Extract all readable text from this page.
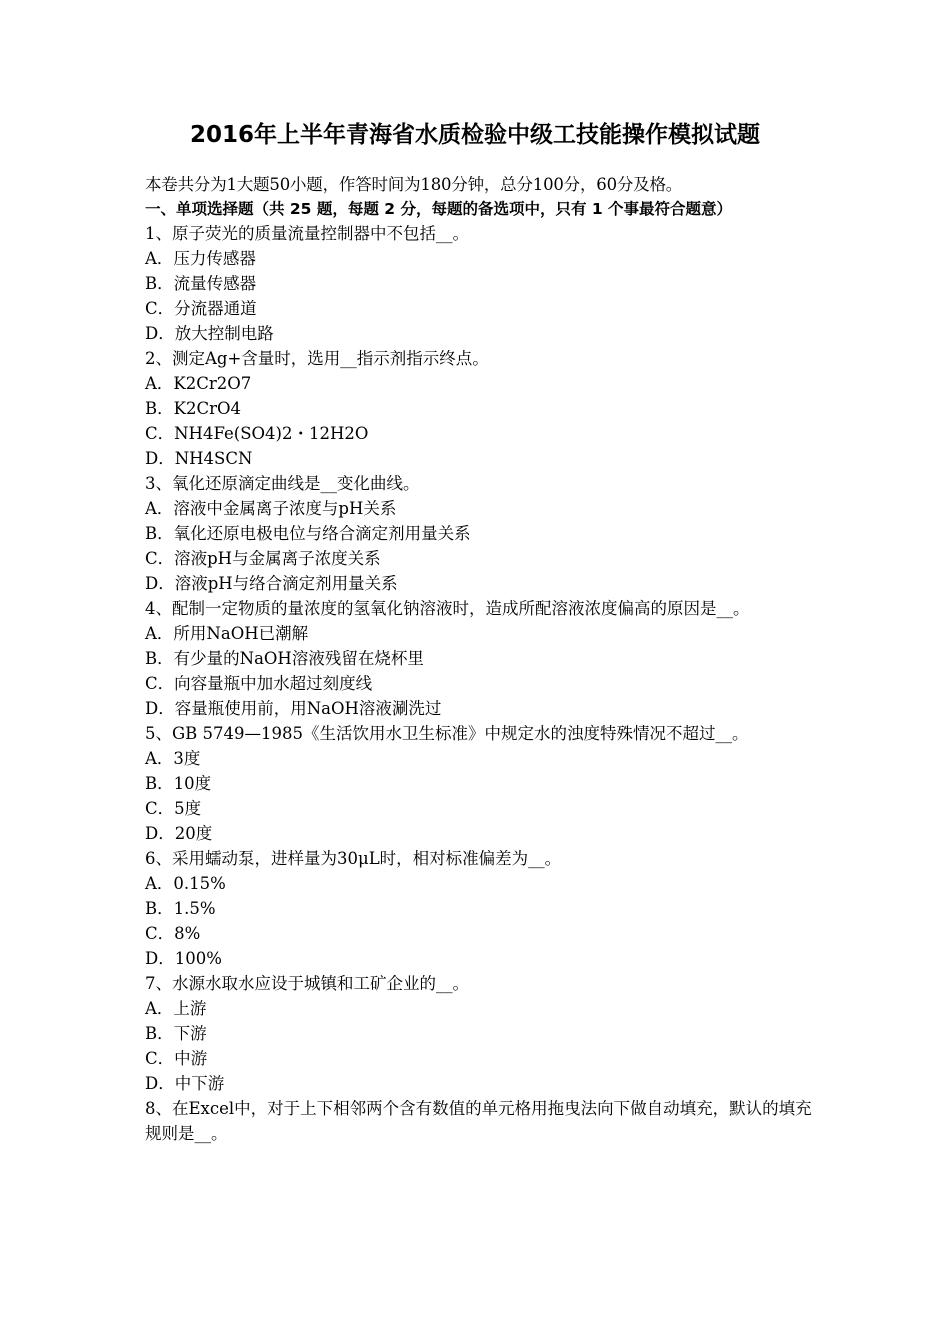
2016年上半年青海省水质检验中级工技能操作模拟试题

本卷共分为1大题50小题，作答时间为180分钟，总分100分，60分及格。

一、单项选择题（共 25 题，每题 2 分，每题的备选项中，只有 1 个事最符合题意）

1、原子荧光的质量流量控制器中不包括__。

A．压力传感器

B．流量传感器

C．分流器通道

D．放大控制电路

2、测定Ag+含量时，选用__指示剂指示终点。

A．K2Cr2O7

B．K2CrO4

C．NH4Fe(SO4)2・12H2O

D．NH4SCN

3、氧化还原滴定曲线是__变化曲线。

A．溶液中金属离子浓度与pH关系

B．氧化还原电极电位与络合滴定剂用量关系

C．溶液pH与金属离子浓度关系

D．溶液pH与络合滴定剂用量关系

4、配制一定物质的量浓度的氢氧化钠溶液时，造成所配溶液浓度偏高的原因是__。

A．所用NaOH已潮解

B．有少量的NaOH溶液残留在烧杯里

C．向容量瓶中加水超过刻度线

D．容量瓶使用前，用NaOH溶液涮洗过

5、GB 5749—1985《生活饮用水卫生标准》中规定水的浊度特殊情况不超过__。

A．3度

B．10度

C．5度

D．20度

6、采用蠕动泵，进样量为30μL时，相对标准偏差为__。

A．0.15%

B．1.5%

C．8%

D．100%

7、水源水取水应设于城镇和工矿企业的__。

A．上游

B．下游

C．中游

D．中下游

8、在Excel中，对于上下相邻两个含有数值的单元格用拖曳法向下做自动填充，默认的填充规则是__。
